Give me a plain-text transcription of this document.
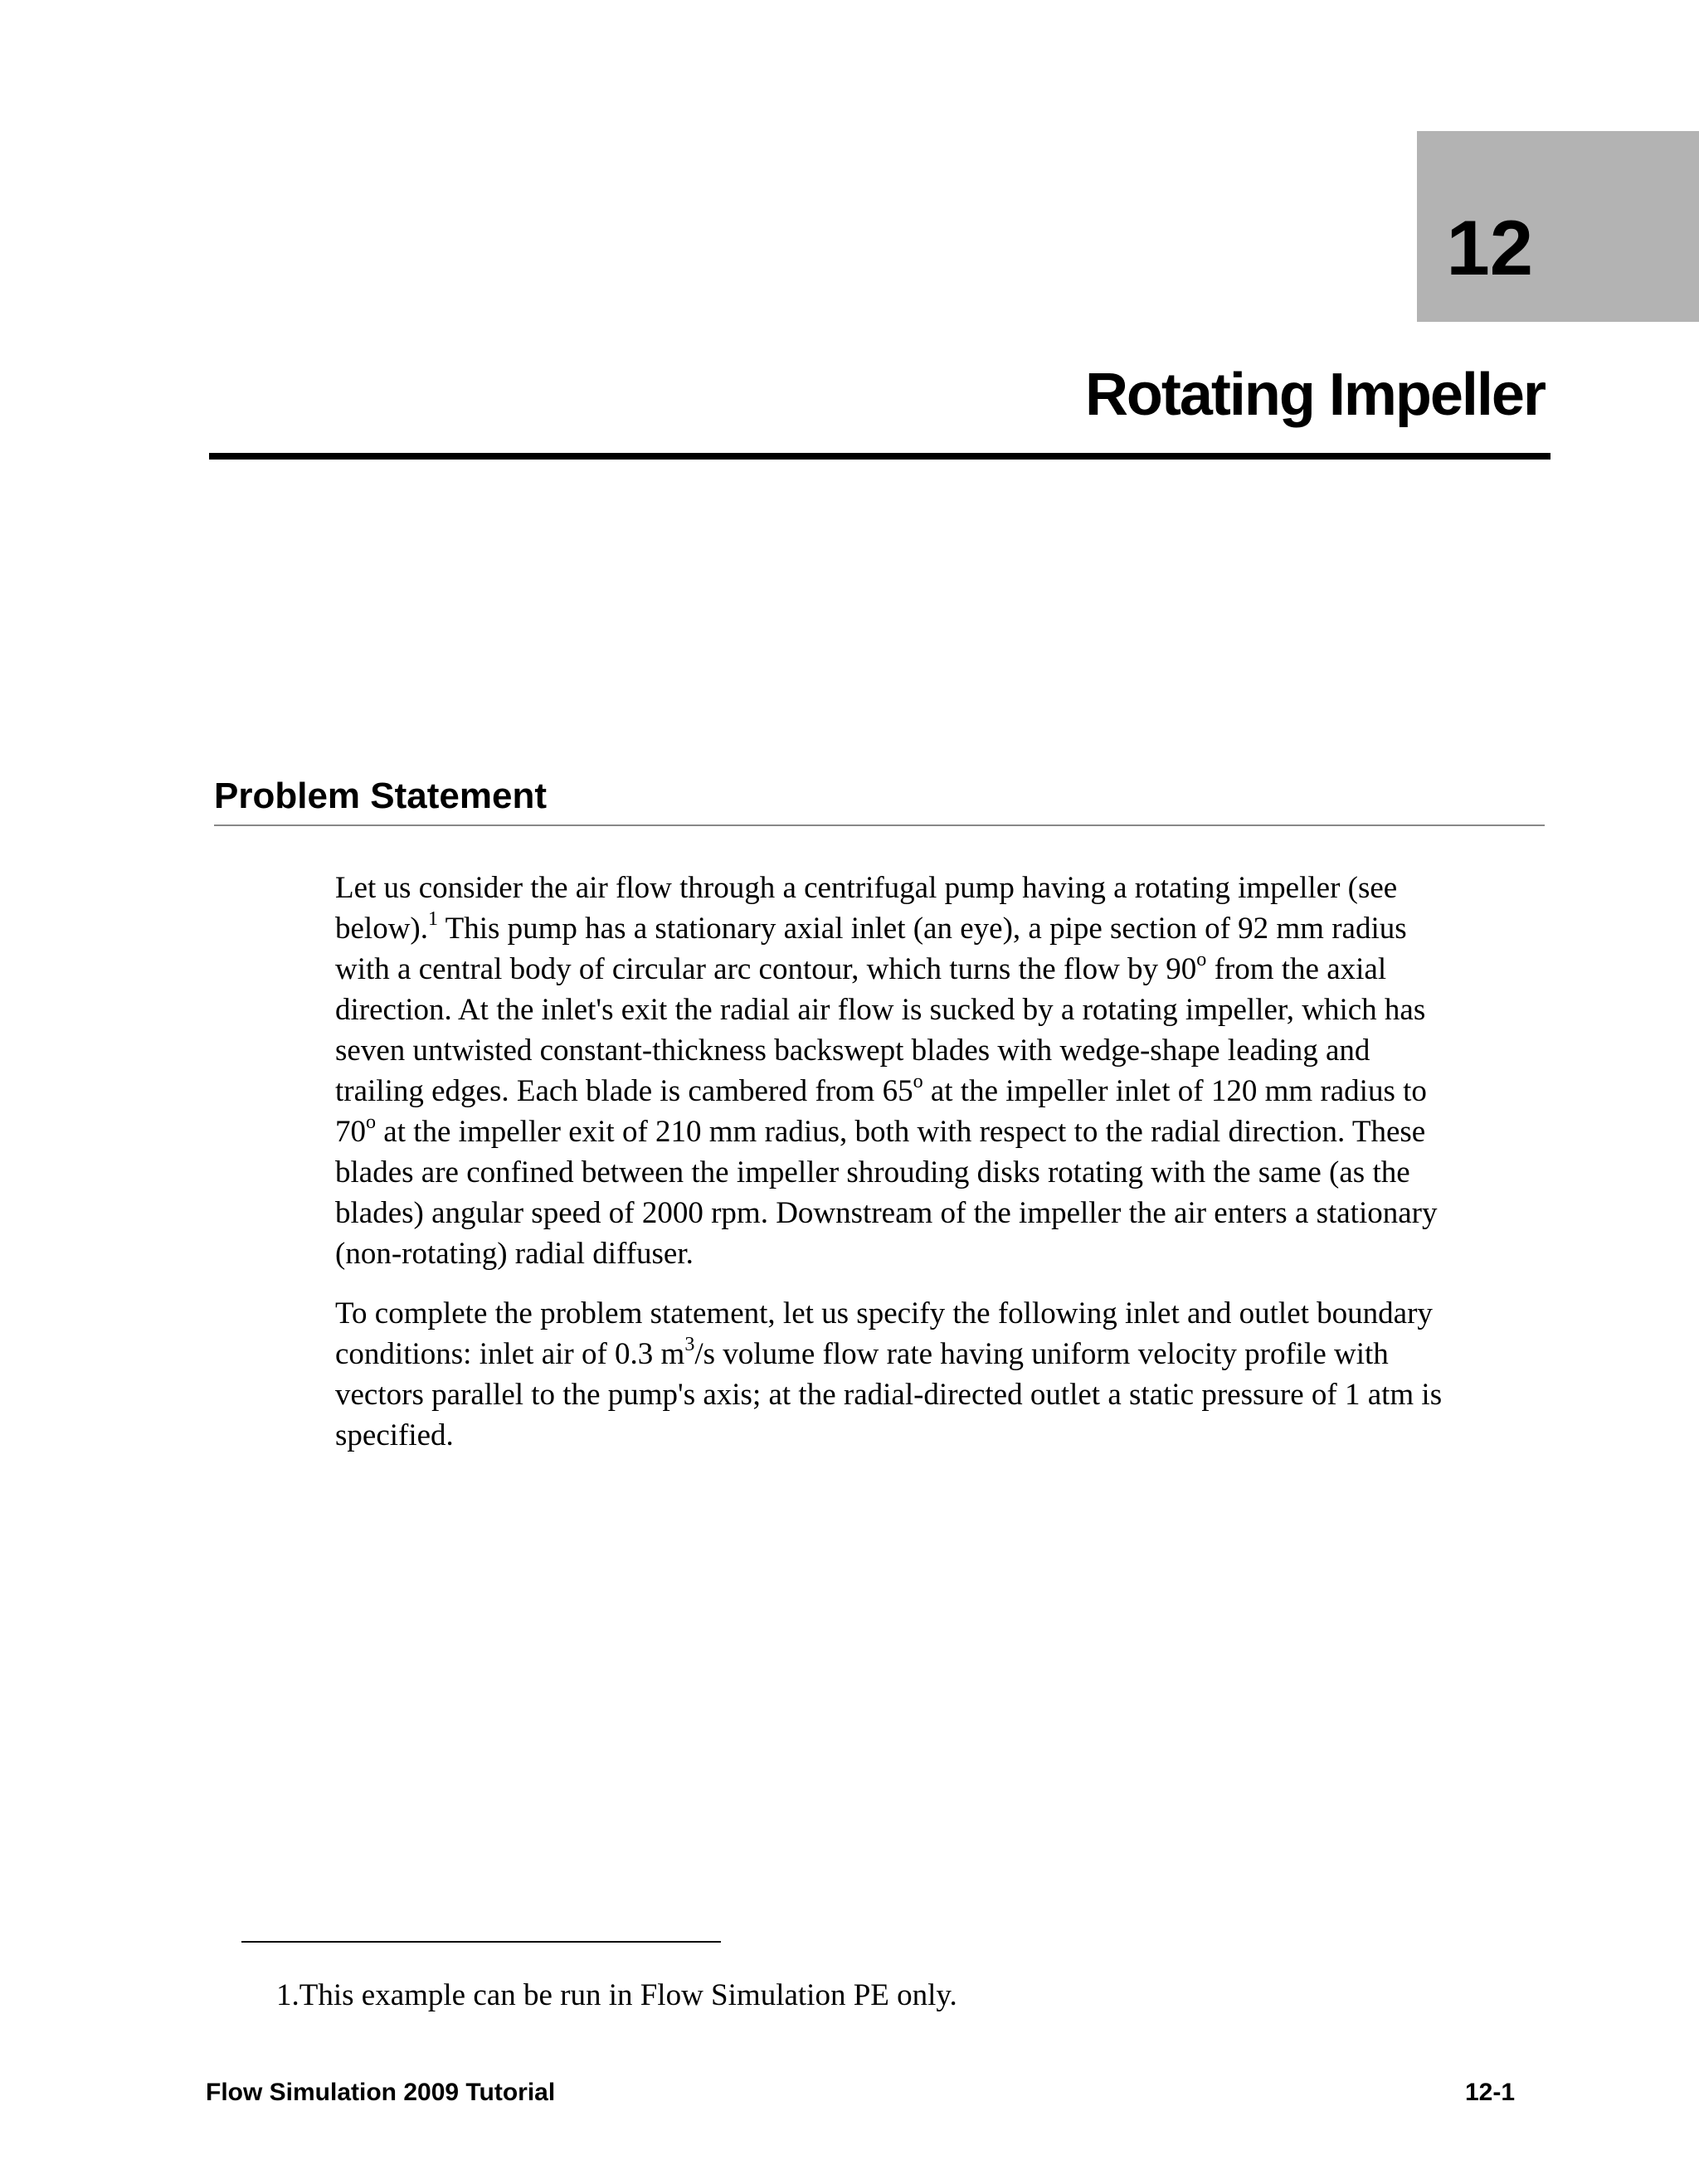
12
Rotating Impeller
Problem Statement

Let us consider the air flow through a centrifugal pump having a rotating impeller (see
below).$^1$ This pump has a stationary axial inlet (an eye), a pipe section of 92 mm radius
with a central body of circular arc contour, which turns the flow by 90$^o$ from the axial
direction. At the inlet's exit the radial air flow is sucked by a rotating impeller, which has
seven untwisted constant-thickness backswept blades with wedge-shape leading and
trailing edges. Each blade is cambered from 65$^o$ at the impeller inlet of 120 mm radius to
70$^o$ at the impeller exit of 210 mm radius, both with respect to the radial direction. These
blades are confined between the impeller shrouding disks rotating with the same (as the
blades) angular speed of 2000 rpm. Downstream of the impeller the air enters a stationary
(non-rotating) radial diffuser.

To complete the problem statement, let us specify the following inlet and outlet boundary
conditions: inlet air of 0.3 $m^3/s$ volume flow rate having uniform velocity profile with
vectors parallel to the pump's axis; at the radial-directed outlet a static pressure of 1 atm is
specified.

1.This example can be run in Flow Simulation PE only.
Flow Simulation 2009 Tutorial	12-1
